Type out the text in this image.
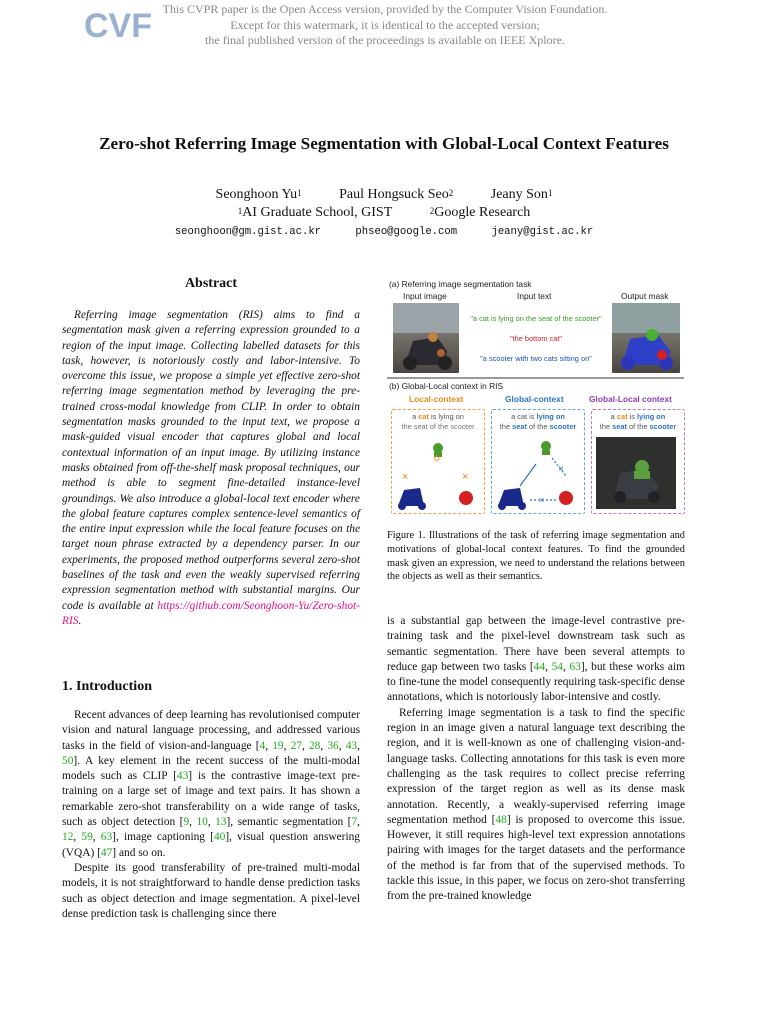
CVF This CVPR paper is the Open Access version, provided by the Computer Vision Foundation.
Except for this watermark, it is identical to the accepted version;
the final published version of the proceedings is available on IEEE Xplore.
Zero-shot Referring Image Segmentation with Global-Local Context Features
Seonghoon Yu$^1$	Paul Hongsuck Seo$^2$	Jeany Son$^1$
$^1$AI Graduate School, GIST	$^2$Google Research
seonghoon@gm.gist.ac.kr	phseo@google.com	jeany@gist.ac.kr
Abstract

Referring image segmentation (RIS) aims to find a segmentation mask given a referring expression grounded to a region of the input image. Collecting labelled datasets for this task, however, is notoriously costly and labor-intensive. To overcome this issue, we propose a simple yet effective zero-shot referring image segmentation method by leveraging the pre-trained cross-modal knowledge from CLIP. In order to obtain segmentation masks grounded to the input text, we propose a mask-guided visual encoder that captures global and local contextual information of an input image. By utilizing instance masks obtained from off-the-shelf mask proposal techniques, our method is able to segment fine-detailed instance-level groundings. We also introduce a global-local text encoder where the global feature captures complex sentence-level semantics of the entire input expression while the local feature focuses on the target noun phrase extracted by a dependency parser. In our experiments, the proposed method outperforms several zero-shot baselines of the task and even the weakly supervised referring expression segmentation method with substantial margins. Our code is available at https://github.com/Seonghoon-Yu/Zero-shot-RIS.

1. Introduction

Recent advances of deep learning has revolutionised computer vision and natural language processing, and addressed various tasks in the field of vision-and-language [4, 19, 27, 28, 36, 43, 50]. A key element in the recent success of the multi-modal models such as CLIP [43] is the contrastive image-text pre-training on a large set of image and text pairs. It has shown a remarkable zero-shot transferability on a wide range of tasks, such as object detection [9, 10, 13], semantic segmentation [7, 12, 59, 63], image captioning [40], visual question answering (VQA) [47] and so on.

Despite its good transferability of pre-trained multi-modal models, it is not straightforward to handle dense prediction tasks such as object detection and image segmentation. A pixel-level dense prediction task is challenging since there

(a) Referring image segmentation task
Input image	Input text	Output mask
"a cat is lying on the seat of the scooter"
"the bottom cat"
"a scooter with two cats sitting on"
(b) Global-Local context in RIS
Local-context	Global-context	Global-Local context
a cat is lying on
the seat of the scooter
o
×	×
a cat is lying on
the seat of the scooter
×
×
a cat is lying on
the seat of the scooter
Figure 1. Illustrations of the task of referring image segmentation and motivations of global-local context features. To find the grounded mask given an expression, we need to understand the relations between the objects as well as their semantics.

is a substantial gap between the image-level contrastive pre-training task and the pixel-level downstream task such as semantic segmentation. There have been several attempts to reduce gap between two tasks [44, 54, 63], but these works aim to fine-tune the model consequently requiring task-specific dense annotations, which is notoriously labor-intensive and costly.

Referring image segmentation is a task to find the specific region in an image given a natural language text describing the region, and it is well-known as one of challenging vision-and-language tasks. Collecting annotations for this task is even more challenging as the task requires to collect precise referring expression of the target region as well as its dense mask annotation. Recently, a weakly-supervised referring image segmentation method [48] is proposed to overcome this issue. However, it still requires high-level text expression annotations pairing with images for the target datasets and the performance of the method is far from that of the supervised methods. To tackle this issue, in this paper, we focus on zero-shot transferring from the pre-trained knowledge
